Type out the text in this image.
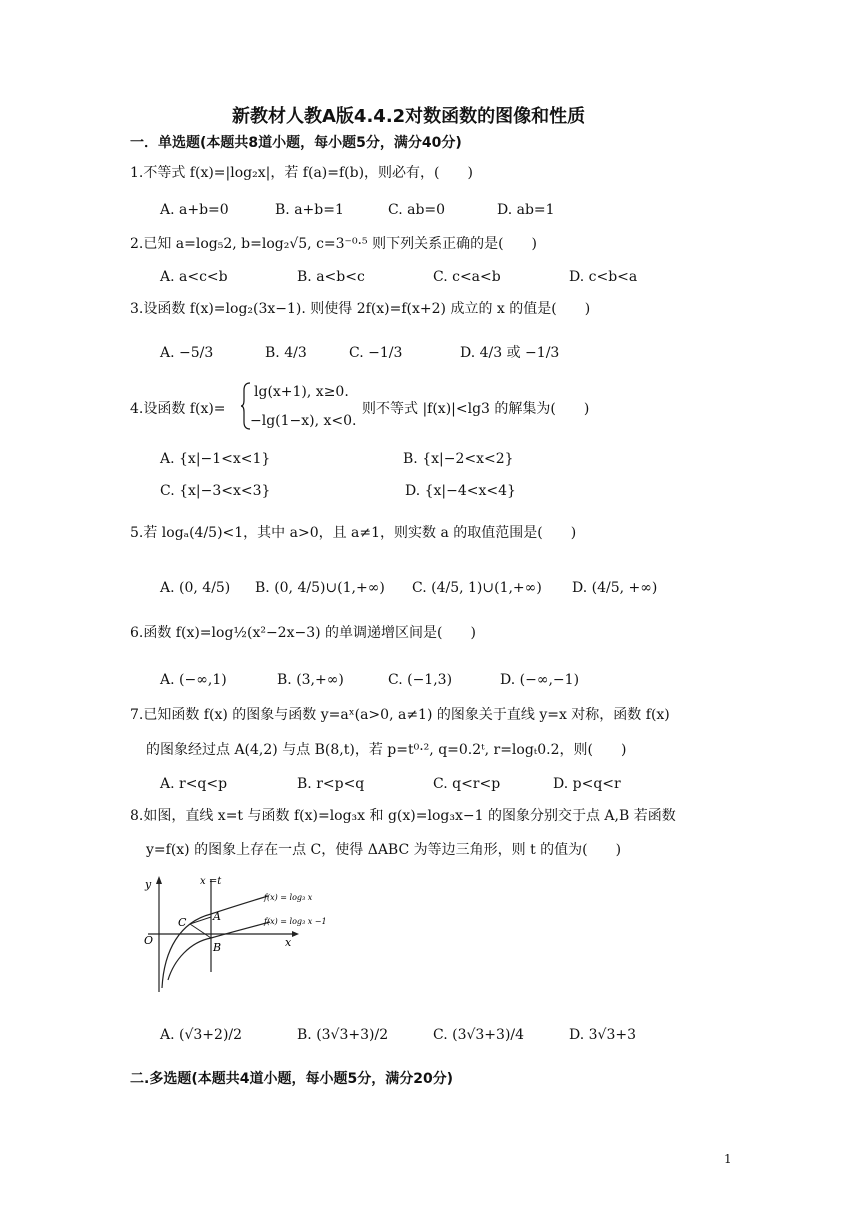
新教材人教A版4.4.2对数函数的图像和性质
一．单选题(本题共8道小题，每小题5分，满分40分)
1.不等式 f(x)=|log₂x|，若 f(a)=f(b)，则必有，(　　)
A. a+b=0	B. a+b=1	C. ab=0	D. ab=1
2.已知 a=log₅2, b=log₂√5, c=3⁻⁰·⁵ 则下列关系正确的是(　　)
A. a<c<b	B. a<b<c	C. c<a<b	D. c<b<a
3.设函数 f(x)=log₂(3x−1). 则使得 2f(x)=f(x+2) 成立的 x 的值是(　　)
A. −5/3	B. 4/3	C. −1/3	D. 4/3 或 −1/3
4.设函数 f(x)=
lg(x+1), x≥0.
−lg(1−x), x<0.
则不等式 |f(x)|<lg3 的解集为(　　)
A. {x|−1<x<1}	B. {x|−2<x<2}
C. {x|−3<x<3}	D. {x|−4<x<4}
5.若 logₐ(4/5)<1，其中 a>0，且 a≠1，则实数 a 的取值范围是(　　)
A. (0, 4/5) B. (0, 4/5)∪(1,+∞) C. (4/5, 1)∪(1,+∞) D. (4/5, +∞)
6.函数 f(x)=log½(x²−2x−3) 的单调递增区间是(　　)
A. (−∞,1)	B. (3,+∞)	C. (−1,3)	D. (−∞,−1)
7.已知函数 f(x) 的图象与函数 y=aˣ(a>0, a≠1) 的图象关于直线 y=x 对称，函数 f(x)
的图象经过点 A(4,2) 与点 B(8,t)，若 p=t⁰·², q=0.2ᵗ, r=logₜ0.2，则(　　)
A. r<q<p	B. r<p<q	C. q<r<p	D. p<q<r
8.如图，直线 x=t 与函数 f(x)=log₃x 和 g(x)=log₃x−1 的图象分别交于点 A,B 若函数
y=f(x) 的图象上存在一点 C，使得 ΔABC 为等边三角形，则 t 的值为(　　)
y
x
O
x =t
C A
B
f(x) = log₃ x
f(x) = log₃ x −1
A. (√3+2)/2	B. (3√3+3)/2	C. (3√3+3)/4	D. 3√3+3
二.多选题(本题共4道小题，每小题5分，满分20分)
1
